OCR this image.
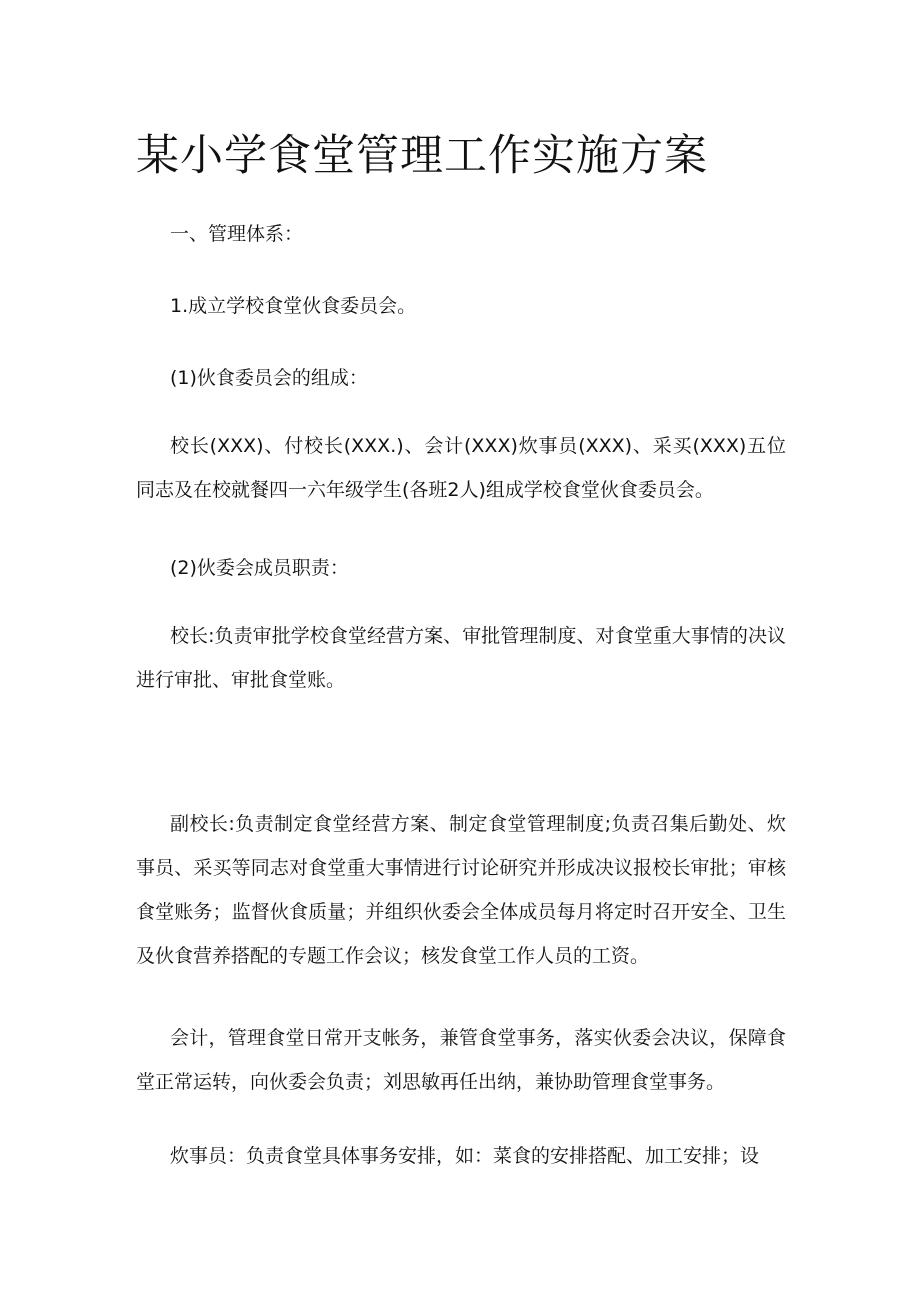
某小学食堂管理工作实施方案

一、管理体系：

1.成立学校食堂伙食委员会。

(1)伙食委员会的组成：

校长(XXX)、付校长(XXX.)、会计(XXX)炊事员(XXX)、采买(XXX)五位同志及在校就餐四一六年级学生(各班2人)组成学校食堂伙食委员会。

(2)伙委会成员职责：

校长:负责审批学校食堂经营方案、审批管理制度、对食堂重大事情的决议进行审批、审批食堂账。

副校长:负责制定食堂经营方案、制定食堂管理制度;负责召集后勤处、炊事员、采买等同志对食堂重大事情进行讨论研究并形成决议报校长审批；审核食堂账务；监督伙食质量；并组织伙委会全体成员每月将定时召开安全、卫生及伙食营养搭配的专题工作会议；核发食堂工作人员的工资。

会计，管理食堂日常开支帐务，兼管食堂事务，落实伙委会决议，保障食堂正常运转，向伙委会负责；刘思敏再任出纳，兼协助管理食堂事务。

炊事员：负责食堂具体事务安排，如：菜食的安排搭配、加工安排；设
